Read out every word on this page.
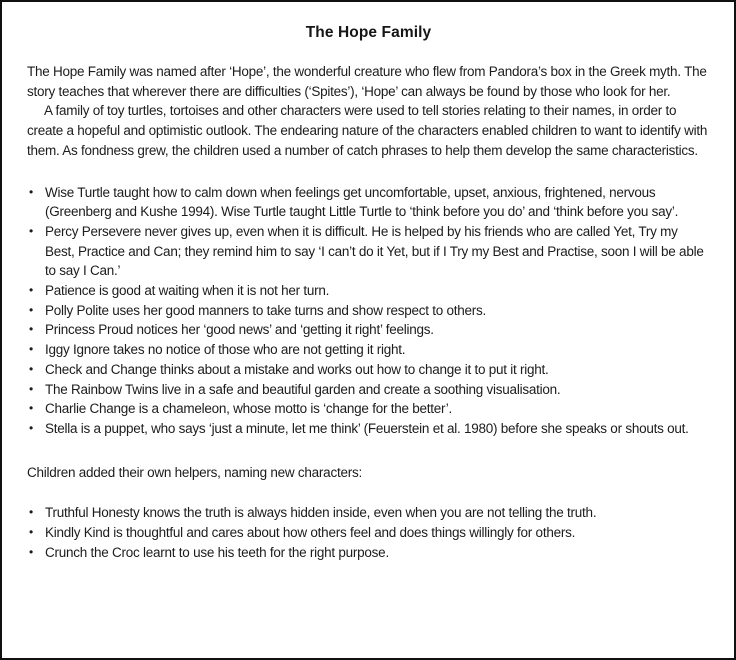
The Hope Family

The Hope Family was named after ‘Hope’, the wonderful creature who flew from Pandora’s box in the Greek myth. The story teaches that wherever there are difficulties (‘Spites’), ‘Hope’ can always be found by those who look for her.

A family of toy turtles, tortoises and other characters were used to tell stories relating to their names, in order to create a hopeful and optimistic outlook. The endearing nature of the characters enabled children to want to identify with them. As fondness grew, the children used a number of catch phrases to help them develop the same characteristics.

• Wise Turtle taught how to calm down when feelings get uncomfortable, upset, anxious, frightened, nervous (Greenberg and Kushe 1994). Wise Turtle taught Little Turtle to ‘think before you do’ and ‘think before you say’.
• Percy Persevere never gives up, even when it is difficult. He is helped by his friends who are called Yet, Try my Best, Practice and Can; they remind him to say ‘I can’t do it Yet, but if I Try my Best and Practise, soon I will be able to say I Can.’
• Patience is good at waiting when it is not her turn.
• Polly Polite uses her good manners to take turns and show respect to others.
• Princess Proud notices her ‘good news’ and ‘getting it right’ feelings.
• Iggy Ignore takes no notice of those who are not getting it right.
• Check and Change thinks about a mistake and works out how to change it to put it right.
• The Rainbow Twins live in a safe and beautiful garden and create a soothing visualisation.
• Charlie Change is a chameleon, whose motto is ‘change for the better’.
• Stella is a puppet, who says ‘just a minute, let me think’ (Feuerstein et al. 1980) before she speaks or shouts out.

Children added their own helpers, naming new characters:

• Truthful Honesty knows the truth is always hidden inside, even when you are not telling the truth.
• Kindly Kind is thoughtful and cares about how others feel and does things willingly for others.
• Crunch the Croc learnt to use his teeth for the right purpose.
